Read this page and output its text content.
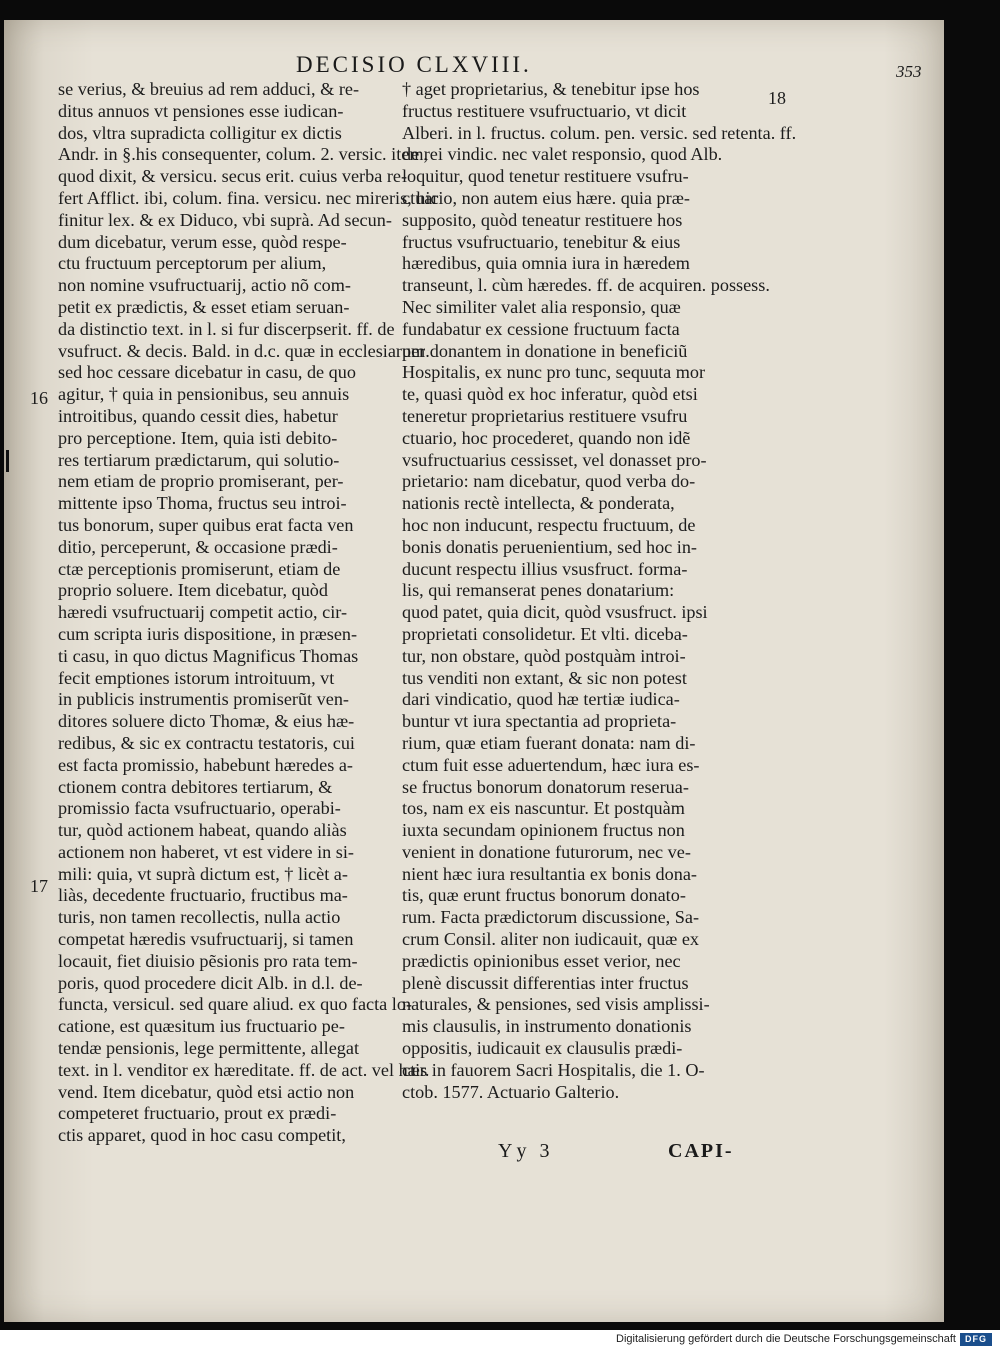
DECISIO CLXVIII.	353
16
17
18
se verius, & breuius ad rem adduci, & re-
ditus annuos vt pensiones esse iudican-
dos, vltra supradicta colligitur ex dictis
Andr. in §.his consequenter, colum. 2. versic. item,
quod dixit, & versicu. secus erit. cuius verba re-
fert Afflict. ibi, colum. fina. versicu. nec mireris, hic
finitur lex. & ex Diduco, vbi suprà. Ad secun-
dum dicebatur, verum esse, quòd respe-
ctu fructuum perceptorum per alium,
non nomine vsufructuarij, actio nõ com-
petit ex prædictis, & esset etiam seruan-
da distinctio text. in l. si fur discerpserit. ff. de
vsufruct. & decis. Bald. in d.c. quæ in ecclesiarum.
sed hoc cessare dicebatur in casu, de quo
agitur, † quia in pensionibus, seu annuis
introitibus, quando cessit dies, habetur
pro perceptione. Item, quia isti debito-
res tertiarum prædictarum, qui solutio-
nem etiam de proprio promiserant, per-
mittente ipso Thoma, fructus seu introi-
tus bonorum, super quibus erat facta ven
ditio, perceperunt, & occasione prædi-
ctæ perceptionis promiserunt, etiam de
proprio soluere. Item dicebatur, quòd
hæredi vsufructuarij competit actio, cir-
cum scripta iuris dispositione, in præsen-
ti casu, in quo dictus Magnificus Thomas
fecit emptiones istorum introituum, vt
in publicis instrumentis promiserũt ven-
ditores soluere dicto Thomæ, & eius hæ-
redibus, & sic ex contractu testatoris, cui
est facta promissio, habebunt hæredes a-
ctionem contra debitores tertiarum, &
promissio facta vsufructuario, operabi-
tur, quòd actionem habeat, quando aliàs
actionem non haberet, vt est videre in si-
mili: quia, vt suprà dictum est, † licèt a-
liàs, decedente fructuario, fructibus ma-
turis, non tamen recollectis, nulla actio
competat hæredis vsufructuarij, si tamen
locauit, fiet diuisio pẽsionis pro rata tem-
poris, quod procedere dicit Alb. in d.l. de-
functa, versicul. sed quare aliud. ex quo facta lo-
catione, est quæsitum ius fructuario pe-
tendæ pensionis, lege permittente, allegat
text. in l. venditor ex hæreditate. ff. de act. vel hær.
vend. Item dicebatur, quòd etsi actio non
competeret fructuario, prout ex prædi-
ctis apparet, quod in hoc casu competit,
† aget proprietarius, & tenebitur ipse hos
fructus restituere vsufructuario, vt dicit
Alberi. in l. fructus. colum. pen. versic. sed retenta. ff.
de rei vindic. nec valet responsio, quod Alb.
loquitur, quod tenetur restituere vsufru-
ctuario, non autem eius hære. quia præ-
supposito, quòd teneatur restituere hos
fructus vsufructuario, tenebitur & eius
hæredibus, quia omnia iura in hæredem
transeunt, l. cùm hæredes. ff. de acquiren. possess.
Nec similiter valet alia responsio, quæ
fundabatur ex cessione fructuum facta
per donantem in donatione in beneficiũ
Hospitalis, ex nunc pro tunc, sequuta mor
te, quasi quòd ex hoc inferatur, quòd etsi
teneretur proprietarius restituere vsufru
ctuario, hoc procederet, quando non idẽ
vsufructuarius cessisset, vel donasset pro-
prietario: nam dicebatur, quod verba do-
nationis rectè intellecta, & ponderata,
hoc non inducunt, respectu fructuum, de
bonis donatis peruenientium, sed hoc in-
ducunt respectu illius vsusfruct. forma-
lis, qui remanserat penes donatarium:
quod patet, quia dicit, quòd vsusfruct. ipsi
proprietati consolidetur. Et vlti. diceba-
tur, non obstare, quòd postquàm introi-
tus venditi non extant, & sic non potest
dari vindicatio, quod hæ tertiæ iudica-
buntur vt iura spectantia ad proprieta-
rium, quæ etiam fuerant donata: nam di-
ctum fuit esse aduertendum, hæc iura es-
se fructus bonorum donatorum reserua-
tos, nam ex eis nascuntur. Et postquàm
iuxta secundam opinionem fructus non
venient in donatione futurorum, nec ve-
nient hæc iura resultantia ex bonis dona-
tis, quæ erunt fructus bonorum donato-
rum. Facta prædictorum discussione, Sa-
crum Consil. aliter non iudicauit, quæ ex
prædictis opinionibus esset verior, nec
plenè discussit differentias inter fructus
naturales, & pensiones, sed visis amplissi-
mis clausulis, in instrumento donationis
oppositis, iudicauit ex clausulis prædi-
ctis in fauorem Sacri Hospitalis, die 1. O-
ctob. 1577. Actuario Galterio.
Yy 3	CAPI-
Digitalisierung gefördert durch die Deutsche Forschungsgemeinschaft	DFG
